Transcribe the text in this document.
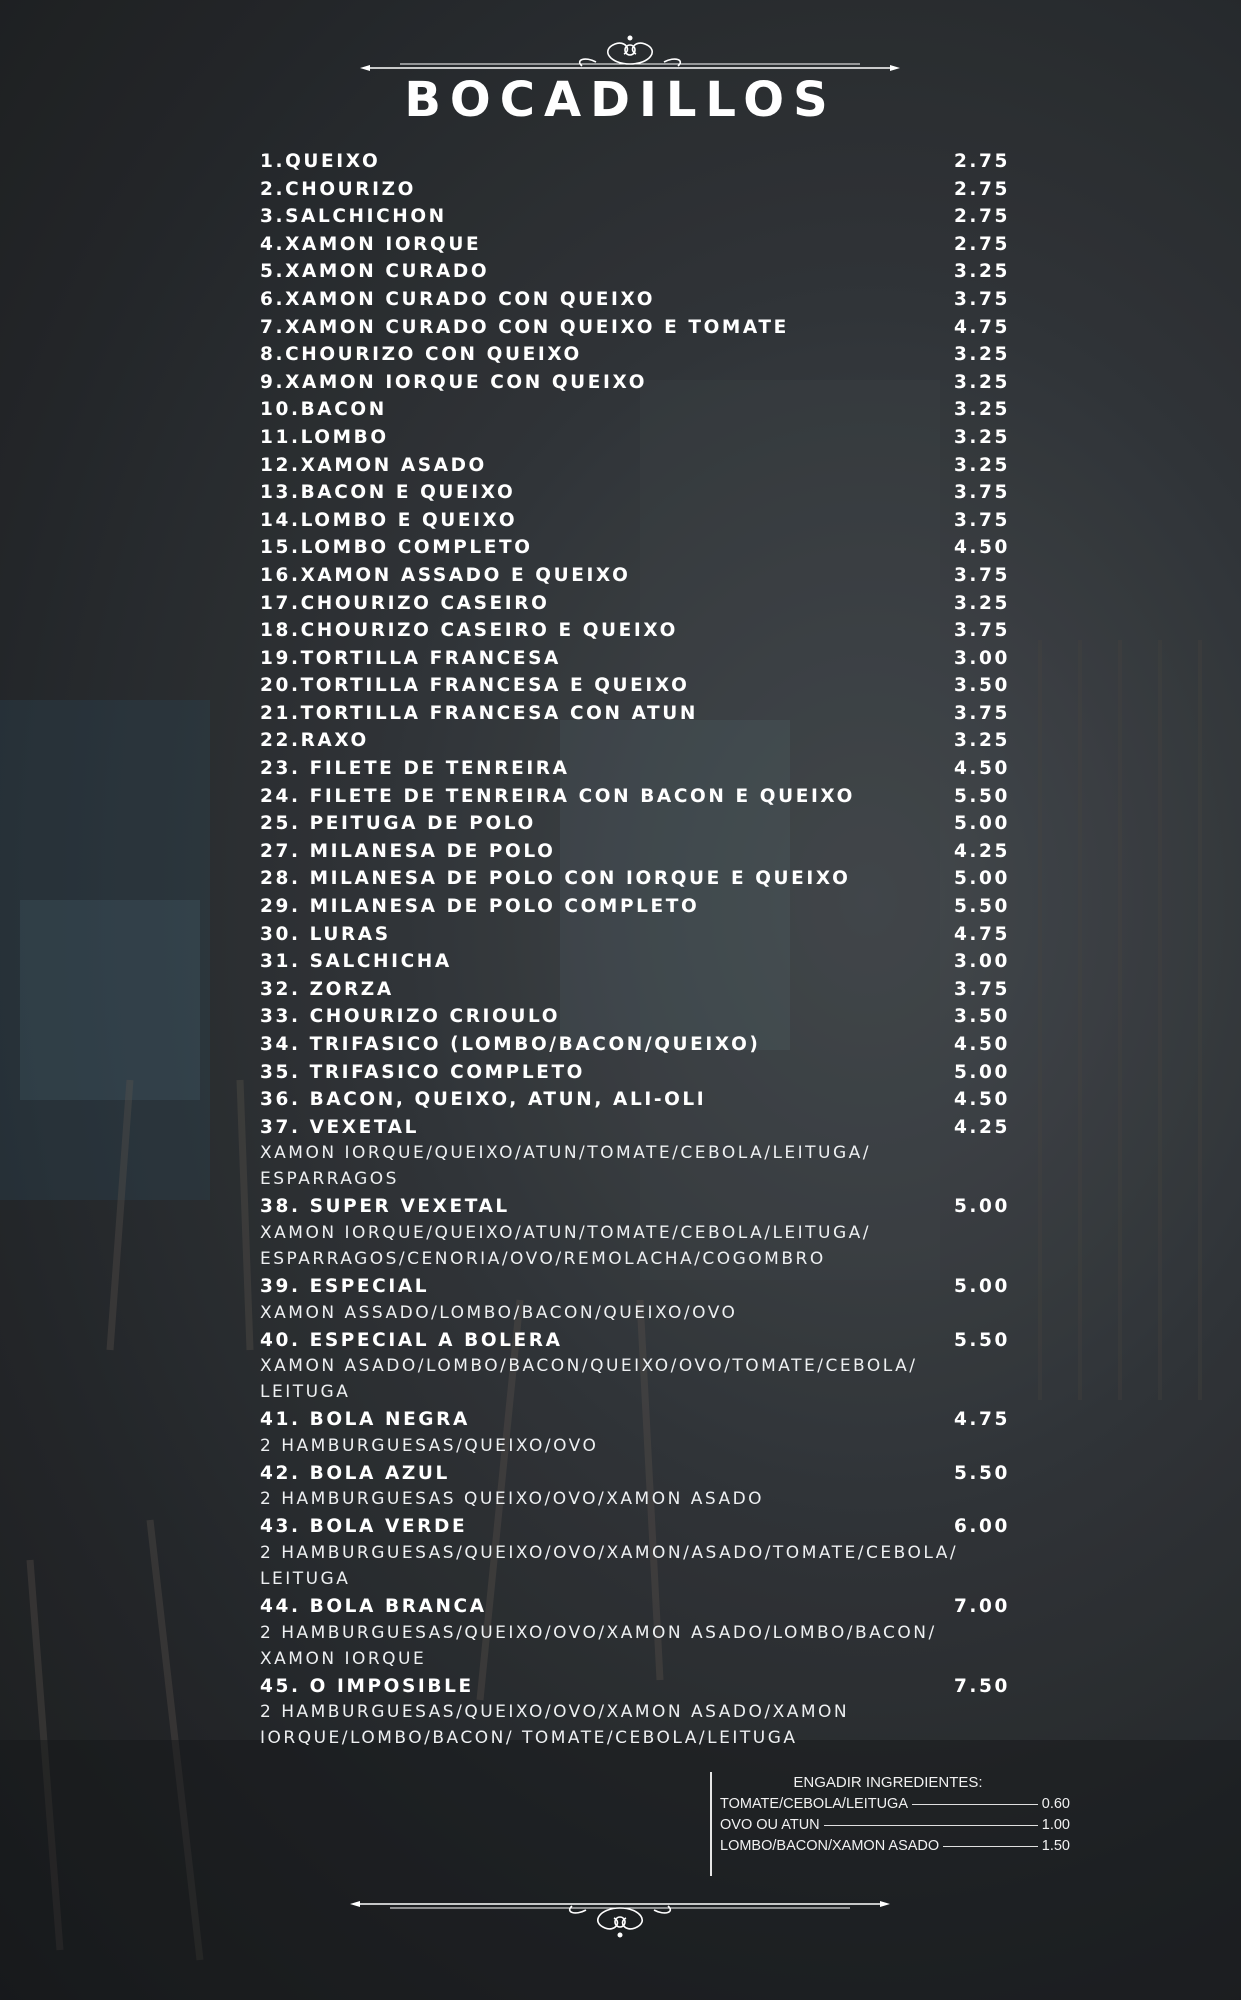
BOCADILLOS
1.QUEIXO	2.75
2.CHOURIZO	2.75
3.SALCHICHON	2.75
4.XAMON IORQUE	2.75
5.XAMON CURADO	3.25
6.XAMON CURADO CON QUEIXO	3.75
7.XAMON CURADO CON QUEIXO E TOMATE	4.75
8.CHOURIZO CON QUEIXO	3.25
9.XAMON IORQUE CON QUEIXO	3.25
10.BACON	3.25
11.LOMBO	3.25
12.XAMON ASADO	3.25
13.BACON E QUEIXO	3.75
14.LOMBO E QUEIXO	3.75
15.LOMBO COMPLETO	4.50
16.XAMON ASSADO E QUEIXO	3.75
17.CHOURIZO CASEIRO	3.25
18.CHOURIZO CASEIRO E QUEIXO	3.75
19.TORTILLA FRANCESA	3.00
20.TORTILLA FRANCESA E QUEIXO	3.50
21.TORTILLA FRANCESA CON ATUN	3.75
22.RAXO	3.25
23. FILETE DE TENREIRA	4.50
24. FILETE DE TENREIRA CON BACON E QUEIXO	5.50
25. PEITUGA DE POLO	5.00
27. MILANESA DE POLO	4.25
28. MILANESA DE POLO CON IORQUE E QUEIXO	5.00
29. MILANESA DE POLO COMPLETO	5.50
30. LURAS	4.75
31. SALCHICHA	3.00
32. ZORZA	3.75
33. CHOURIZO CRIOULO	3.50
34. TRIFASICO (LOMBO/BACON/QUEIXO)	4.50
35. TRIFASICO COMPLETO	5.00
36. BACON, QUEIXO, ATUN, ALI-OLI	4.50
37. VEXETAL	4.25
XAMON IORQUE/QUEIXO/ATUN/TOMATE/CEBOLA/LEITUGA/
ESPARRAGOS
38. SUPER VEXETAL	5.00
XAMON IORQUE/QUEIXO/ATUN/TOMATE/CEBOLA/LEITUGA/
ESPARRAGOS/CENORIA/OVO/REMOLACHA/COGOMBRO
39. ESPECIAL	5.00
XAMON ASSADO/LOMBO/BACON/QUEIXO/OVO
40. ESPECIAL A BOLERA	5.50
XAMON ASADO/LOMBO/BACON/QUEIXO/OVO/TOMATE/CEBOLA/
LEITUGA
41. BOLA NEGRA	4.75
2 HAMBURGUESAS/QUEIXO/OVO
42. BOLA AZUL	5.50
2 HAMBURGUESAS QUEIXO/OVO/XAMON ASADO
43. BOLA VERDE	6.00
2 HAMBURGUESAS/QUEIXO/OVO/XAMON/ASADO/TOMATE/CEBOLA/
LEITUGA
44. BOLA BRANCA	7.00
2 HAMBURGUESAS/QUEIXO/OVO/XAMON ASADO/LOMBO/BACON/
XAMON IORQUE
45. O IMPOSIBLE	7.50
2 HAMBURGUESAS/QUEIXO/OVO/XAMON ASADO/XAMON
IORQUE/LOMBO/BACON/ TOMATE/CEBOLA/LEITUGA
ENGADIR INGREDIENTES:
TOMATE/CEBOLA/LEITUGA	0.60
OVO OU ATUN	1.00
LOMBO/BACON/XAMON ASADO	1.50
